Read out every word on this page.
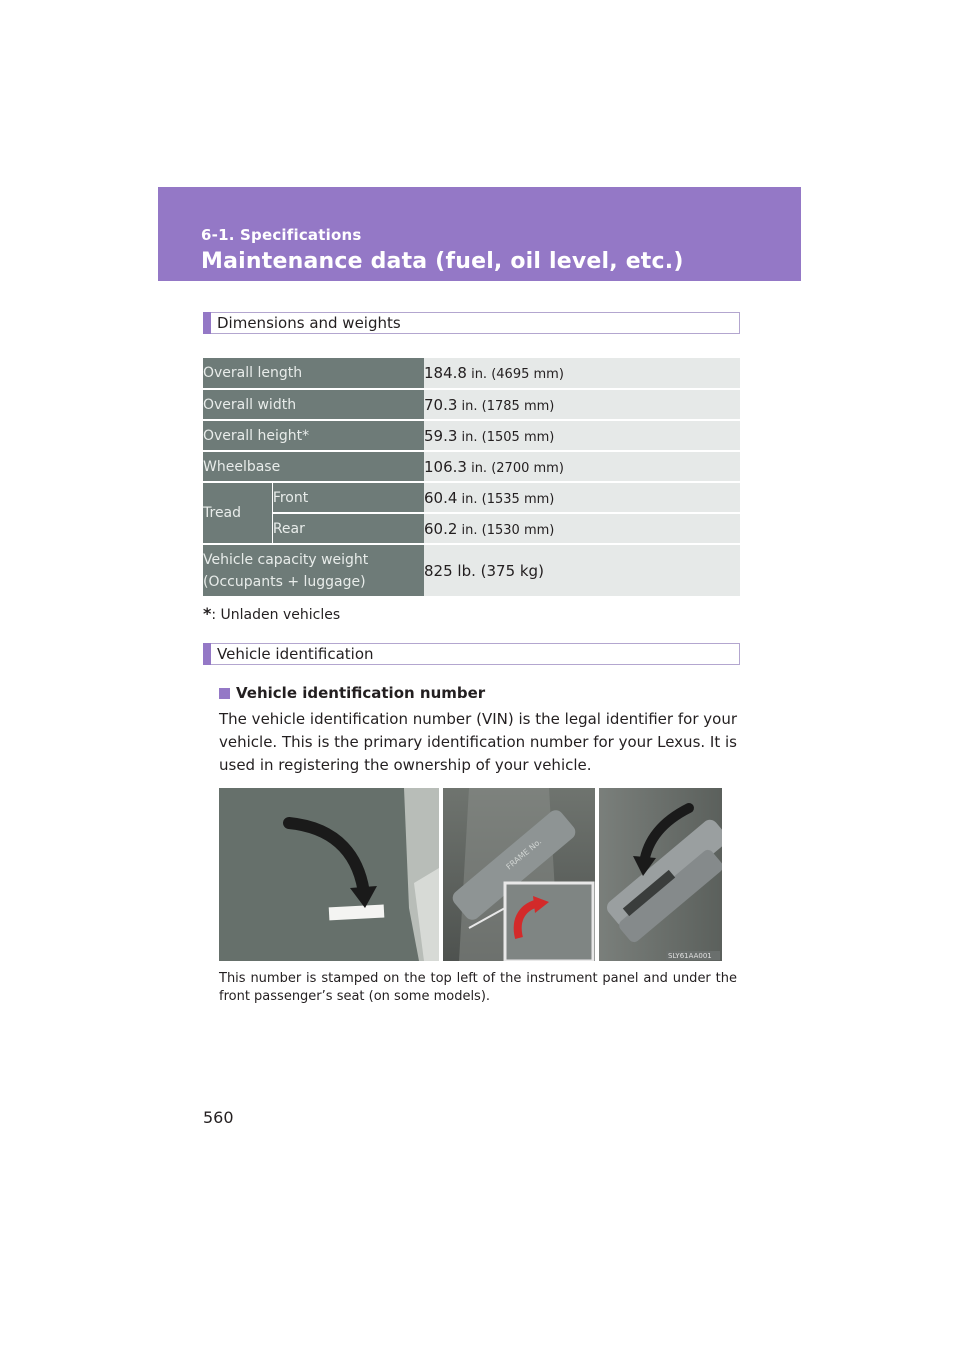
6-1. Specifications
Maintenance data (fuel, oil level, etc.)
Dimensions and weights
Overall length		184.8 in. (4695 mm)
Overall width		70.3 in. (1785 mm)
Overall height*		59.3 in. (1505 mm)
Wheelbase		106.3 in. (2700 mm)
Tread	Front	60.4 in. (1535 mm)
	Rear	60.2 in. (1530 mm)

Vehicle capacity weight
(Occupants + luggage)		825 lb. (375 kg)
*: Unladen vehicles
Vehicle identification
Vehicle identification number
The vehicle identification number (VIN) is the legal identifier for your vehicle. This is the primary identification number for your Lexus. It is used in registering the ownership of your vehicle.
FRAME No.
SLY61AA001
This number is stamped on the top left of the instrument panel and under the front passenger’s seat (on some models).
560
